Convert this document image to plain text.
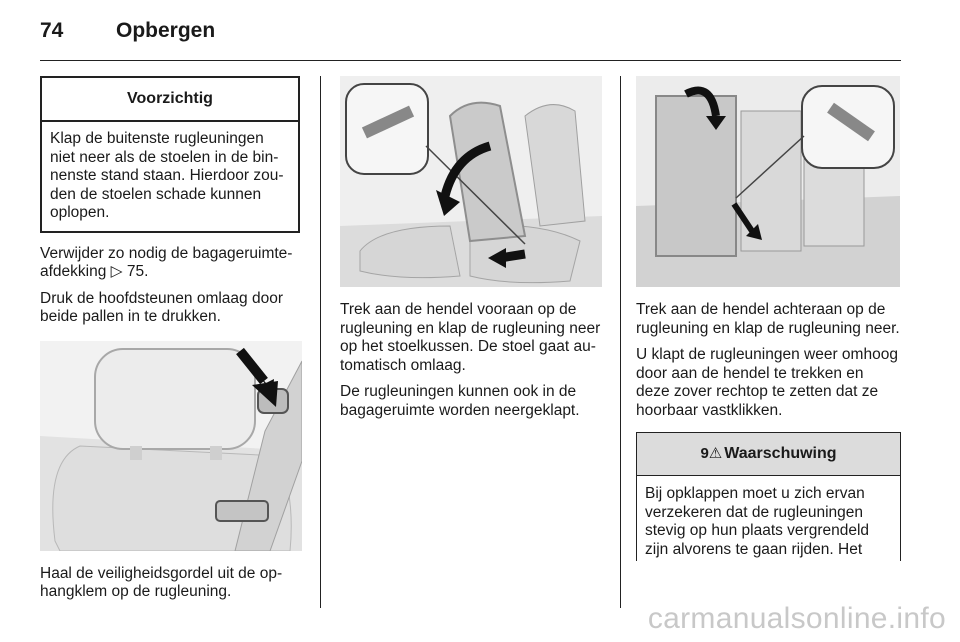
74	Opbergen
Voorzichtig
Klap de buitenste rugleuningen niet neer als de stoelen in de binnenste stand staan. Hierdoor zouden de stoelen schade kunnen oplopen.

Verwijder zo nodig de bagageruimteafdekking ▷ 75.

Druk de hoofdsteunen omlaag door beide pallen in te drukken.

Haal de veiligheidsgordel uit de ophangklem op de rugleuning.

Trek aan de hendel vooraan op de rugleuning en klap de rugleuning neer op het stoelkussen. De stoel gaat automatisch omlaag.

De rugleuningen kunnen ook in de bagageruimte worden neergeklapt.

Trek aan de hendel achteraan op de rugleuning en klap de rugleuning neer.

U klapt de rugleuningen weer omhoog door aan de hendel te trekken en deze zover rechtop te zetten dat ze hoorbaar vastklikken.

9⚠ Waarschuwing
Bij opklappen moet u zich ervan verzekeren dat de rugleuningen stevig op hun plaats vergrendeld zijn alvorens te gaan rijden. Het
carmanualsonline.info
